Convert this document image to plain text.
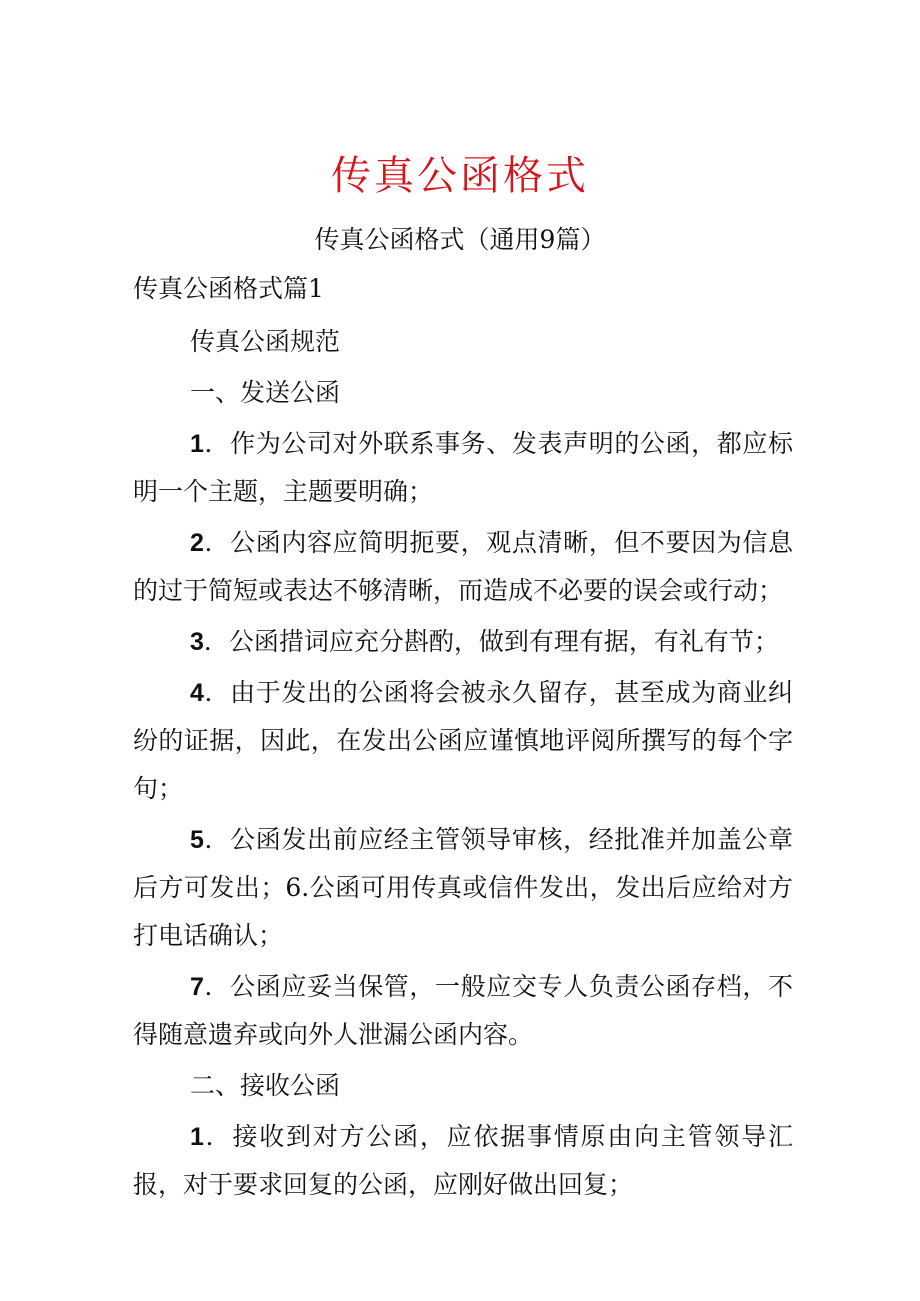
传真公函格式

传真公函格式（通用9篇）

传真公函格式篇1

传真公函规范

一、发送公函

1．作为公司对外联系事务、发表声明的公函，都应标明一个主题，主题要明确；

2．公函内容应简明扼要，观点清晰，但不要因为信息的过于简短或表达不够清晰，而造成不必要的误会或行动；

3．公函措词应充分斟酌，做到有理有据，有礼有节；

4．由于发出的公函将会被永久留存，甚至成为商业纠纷的证据，因此，在发出公函应谨慎地评阅所撰写的每个字句；

5．公函发出前应经主管领导审核，经批准并加盖公章后方可发出；6.公函可用传真或信件发出，发出后应给对方打电话确认；

7．公函应妥当保管，一般应交专人负责公函存档，不得随意遗弃或向外人泄漏公函内容。

二、接收公函

1．接收到对方公函，应依据事情原由向主管领导汇报，对于要求回复的公函，应刚好做出回复；
